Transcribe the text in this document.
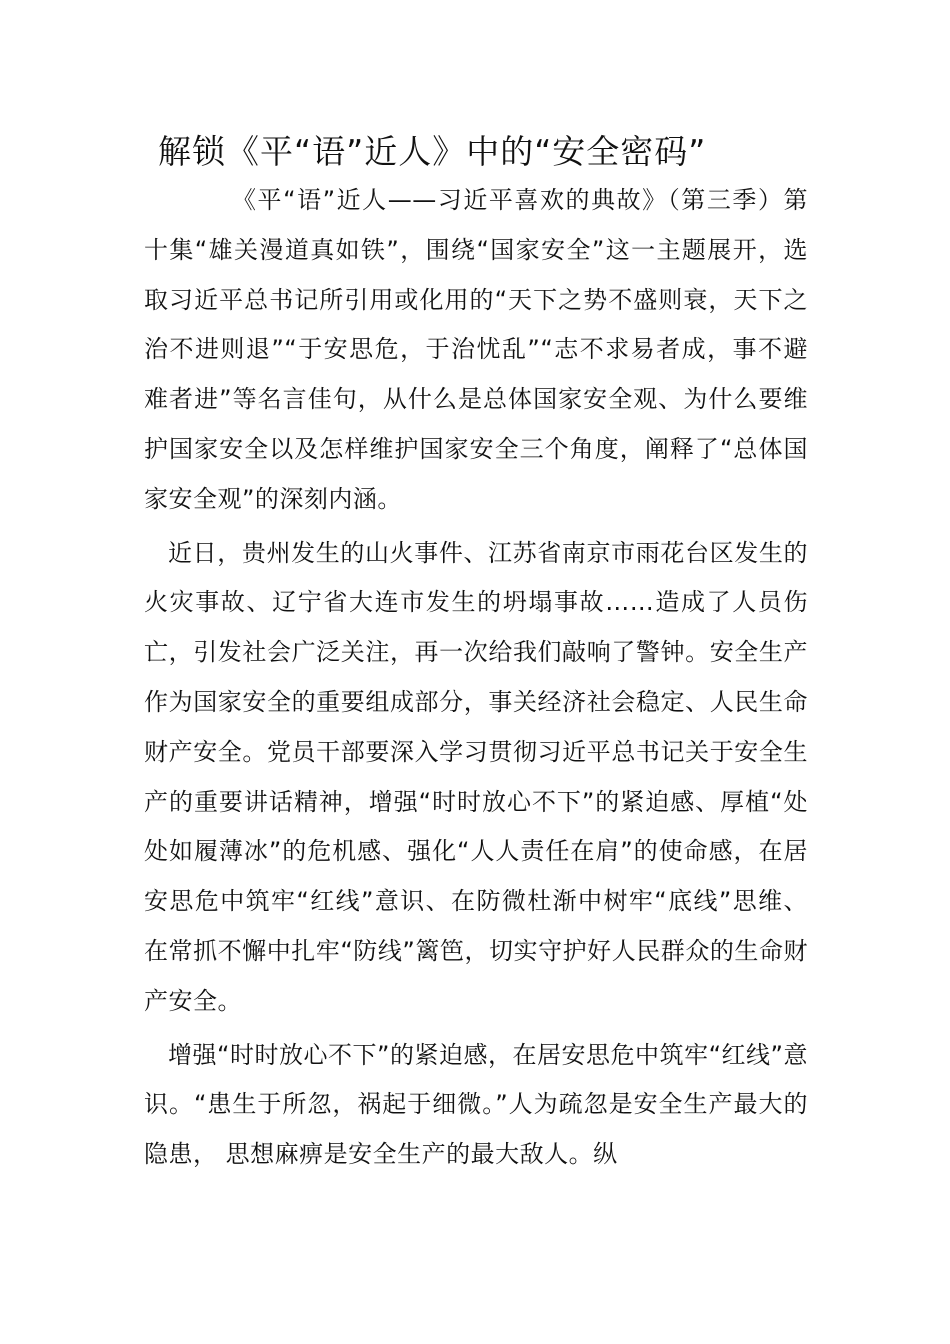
解锁《平“语”近人》中的“安全密码”

《平“语”近人——习近平喜欢的典故》（第三季）第十集“雄关漫道真如铁”，围绕“国家安全”这一主题展开，选取习近平总书记所引用或化用的“天下之势不盛则衰，天下之治不进则退”“于安思危，于治忧乱”“志不求易者成，事不避难者进”等名言佳句，从什么是总体国家安全观、为什么要维护国家安全以及怎样维护国家安全三个角度，阐释了“总体国家安全观”的深刻内涵。

近日，贵州发生的山火事件、江苏省南京市雨花台区发生的火灾事故、辽宁省大连市发生的坍塌事故……造成了人员伤亡，引发社会广泛关注，再一次给我们敲响了警钟。安全生产作为国家安全的重要组成部分，事关经济社会稳定、人民生命财产安全。党员干部要深入学习贯彻习近平总书记关于安全生产的重要讲话精神，增强“时时放心不下”的紧迫感、厚植“处处如履薄冰”的危机感、强化“人人责任在肩”的使命感，在居安思危中筑牢“红线”意识、在防微杜渐中树牢“底线”思维、在常抓不懈中扎牢“防线”篱笆，切实守护好人民群众的生命财产安全。

增强“时时放心不下”的紧迫感，在居安思危中筑牢“红线”意识。“患生于所忽，祸起于细微。”人为疏忽是安全生产最大的隐患， 思想麻痹是安全生产的最大敌人。纵
